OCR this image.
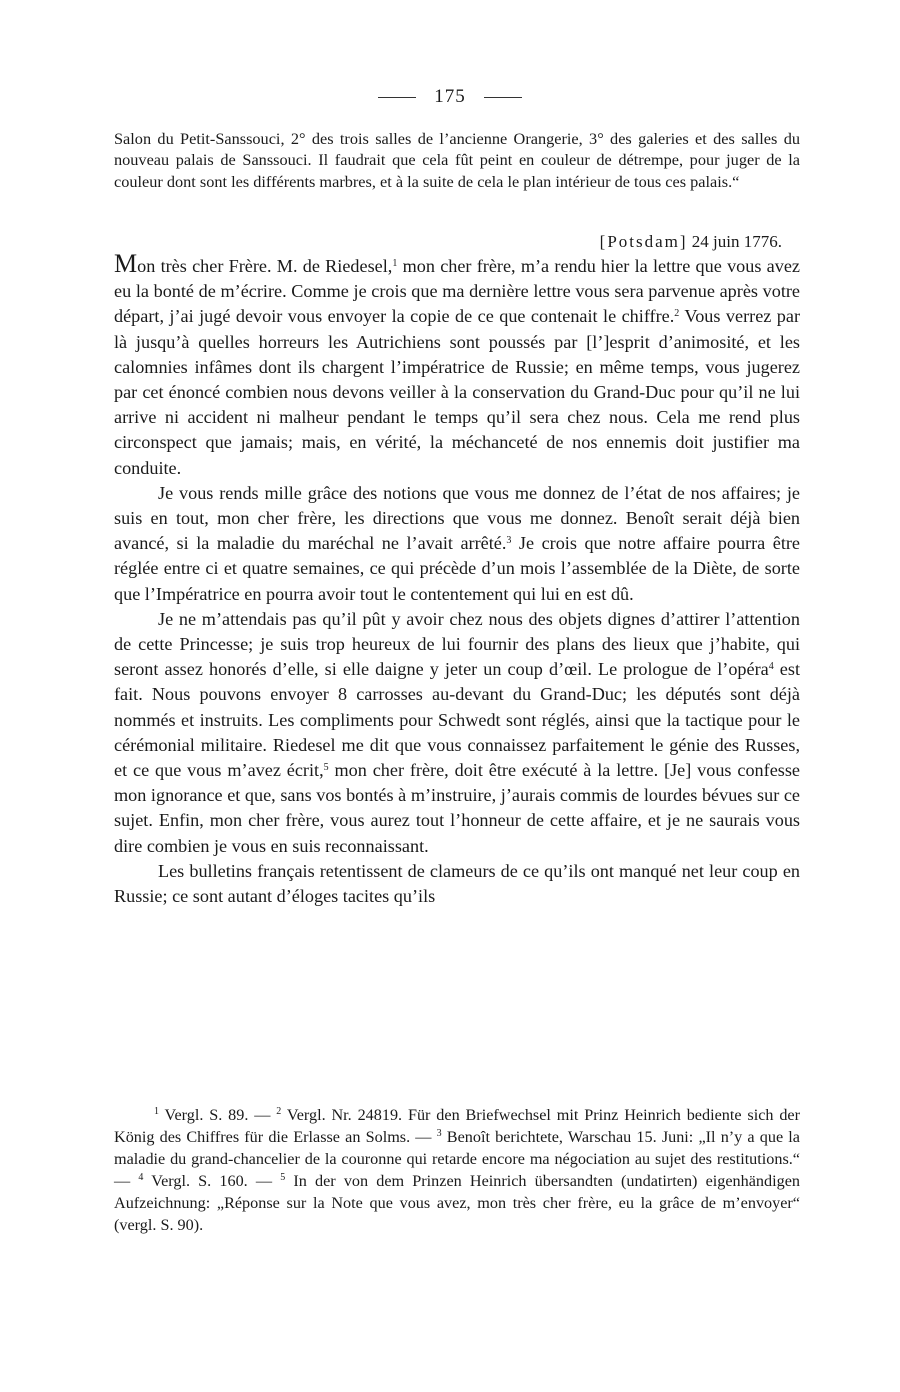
175
Salon du Petit-Sanssouci, 2° des trois salles de l’ancienne Orangerie, 3° des galeries et des salles du nouveau palais de Sanssouci. Il faudrait que cela fût peint en couleur de détrempe, pour juger de la couleur dont sont les différents marbres, et à la suite de cela le plan intérieur de tous ces palais.“
[Potsdam] 24 juin 1776.

Mon très cher Frère. M. de Riedesel,$^1$ mon cher frère, m’a rendu hier la lettre que vous avez eu la bonté de m’écrire. Comme je crois que ma dernière lettre vous sera parvenue après votre départ, j’ai jugé devoir vous envoyer la copie de ce que contenait le chiffre.$^2$ Vous verrez par là jusqu’à quelles horreurs les Autrichiens sont poussés par [l’]esprit d’animosité, et les calomnies infâmes dont ils chargent l’impératrice de Russie; en même temps, vous jugerez par cet énoncé combien nous devons veiller à la conservation du Grand-Duc pour qu’il ne lui arrive ni accident ni malheur pendant le temps qu’il sera chez nous. Cela me rend plus circonspect que jamais; mais, en vérité, la méchanceté de nos ennemis doit justifier ma conduite.

Je vous rends mille grâce des notions que vous me donnez de l’état de nos affaires; je suis en tout, mon cher frère, les directions que vous me donnez. Benoît serait déjà bien avancé, si la maladie du maréchal ne l’avait arrêté.$^3$ Je crois que notre affaire pourra être réglée entre ci et quatre semaines, ce qui précède d’un mois l’assemblée de la Diète, de sorte que l’Impératrice en pourra avoir tout le contentement qui lui en est dû.

Je ne m’attendais pas qu’il pût y avoir chez nous des objets dignes d’attirer l’attention de cette Princesse; je suis trop heureux de lui fournir des plans des lieux que j’habite, qui seront assez honorés d’elle, si elle daigne y jeter un coup d’œil. Le prologue de l’opéra$^4$ est fait. Nous pouvons envoyer 8 carrosses au-devant du Grand-Duc; les députés sont déjà nommés et instruits. Les compliments pour Schwedt sont réglés, ainsi que la tactique pour le cérémonial militaire. Riedesel me dit que vous connaissez parfaitement le génie des Russes, et ce que vous m’avez écrit,$^5$ mon cher frère, doit être exécuté à la lettre. [Je] vous confesse mon ignorance et que, sans vos bontés à m’instruire, j’aurais commis de lourdes bévues sur ce sujet. Enfin, mon cher frère, vous aurez tout l’honneur de cette affaire, et je ne saurais vous dire combien je vous en suis reconnaissant.

Les bulletins français retentissent de clameurs de ce qu’ils ont manqué net leur coup en Russie; ce sont autant d’éloges tacites qu’ils

$^1$ Vergl. S. 89. — $^2$ Vergl. Nr. 24819. Für den Briefwechsel mit Prinz Heinrich bediente sich der König des Chiffres für die Erlasse an Solms. — $^3$ Benoît berichtete, Warschau 15. Juni: „Il n’y a que la maladie du grand-chancelier de la couronne qui retarde encore ma négociation au sujet des restitutions.“ — $^4$ Vergl. S. 160. — $^5$ In der von dem Prinzen Heinrich übersandten (undatirten) eigenhändigen Aufzeichnung: „Réponse sur la Note que vous avez, mon très cher frère, eu la grâce de m’envoyer“ (vergl. S. 90).
